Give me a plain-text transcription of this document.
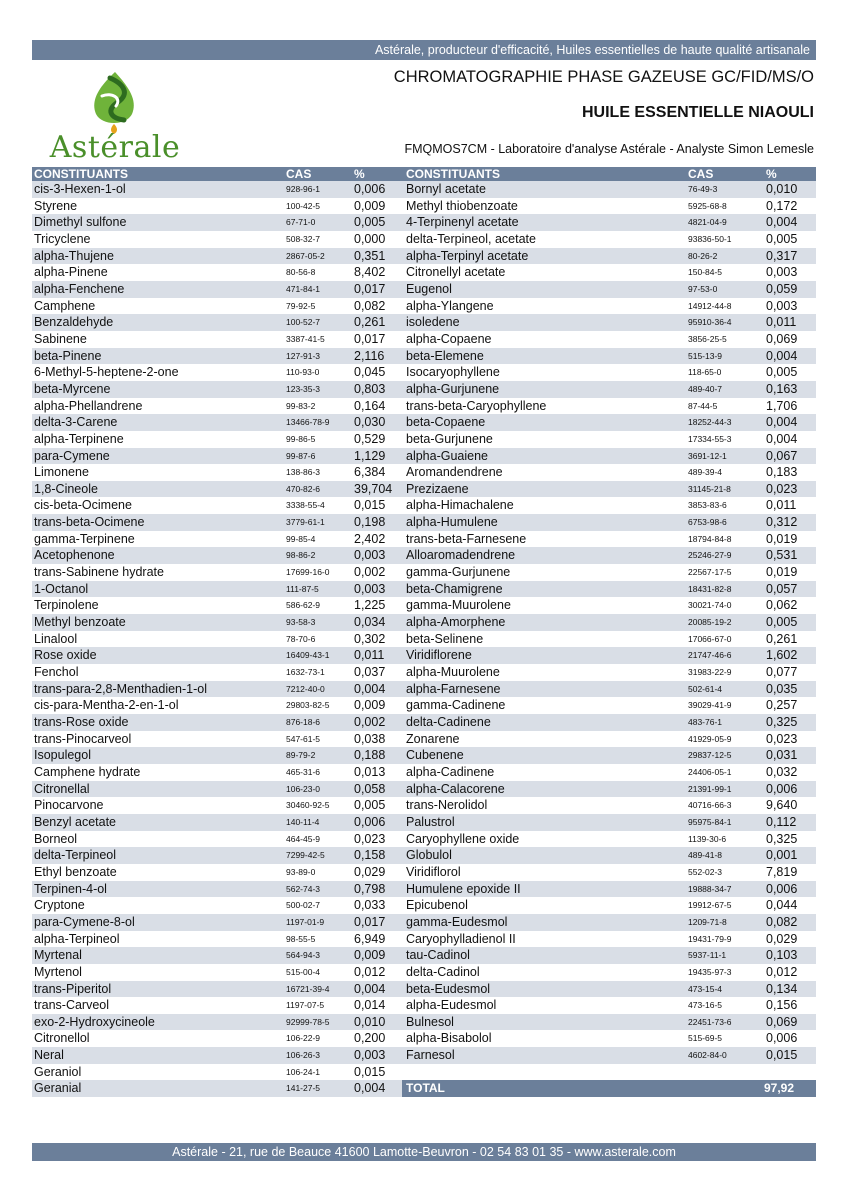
Astérale, producteur d'efficacité, Huiles essentielles de haute qualité artisanale
Astérale
CHROMATOGRAPHIE PHASE GAZEUSE GC/FID/MS/O
HUILE ESSENTIELLE NIAOULI
FMQMOS7CM - Laboratoire d'analyse Astérale - Analyste Simon Lemesle
CONSTITUANTS	CAS	%
cis-3-Hexen-1-ol	928-96-1	0,006
Styrene	100-42-5	0,009
Dimethyl sulfone	67-71-0	0,005
Tricyclene	508-32-7	0,000
alpha-Thujene	2867-05-2 0,351
alpha-Pinene	80-56-8	8,402
alpha-Fenchene	471-84-1	0,017
Camphene	79-92-5	0,082
Benzaldehyde	100-52-7	0,261
Sabinene	3387-41-5 0,017
beta-Pinene	127-91-3	2,116
6-Methyl-5-heptene-2-one	110-93-0	0,045
beta-Myrcene	123-35-3	0,803
alpha-Phellandrene	99-83-2	0,164
delta-3-Carene	13466-78-9 0,030
alpha-Terpinene	99-86-5	0,529
para-Cymene	99-87-6	1,129
Limonene	138-86-3	6,384
1,8-Cineole	470-82-6	39,704
cis-beta-Ocimene	3338-55-4 0,015
trans-beta-Ocimene	3779-61-1 0,198
gamma-Terpinene	99-85-4	2,402
Acetophenone	98-86-2	0,003
trans-Sabinene hydrate	17699-16-0 0,002
1-Octanol	111-87-5	0,003
Terpinolene	586-62-9	1,225
Methyl benzoate	93-58-3	0,034
Linalool	78-70-6	0,302
Rose oxide	16409-43-1 0,011
Fenchol	1632-73-1 0,037
trans-para-2,8-Menthadien-1-ol	7212-40-0 0,004
cis-para-Mentha-2-en-1-ol	29803-82-5 0,009
trans-Rose oxide	876-18-6	0,002
trans-Pinocarveol	547-61-5	0,038
Isopulegol	89-79-2	0,188
Camphene hydrate	465-31-6	0,013
Citronellal	106-23-0	0,058
Pinocarvone	30460-92-5 0,005
Benzyl acetate	140-11-4	0,006
Borneol	464-45-9	0,023
delta-Terpineol	7299-42-5 0,158
Ethyl benzoate	93-89-0	0,029
Terpinen-4-ol	562-74-3	0,798
Cryptone	500-02-7	0,033
para-Cymene-8-ol	1197-01-9 0,017
alpha-Terpineol	98-55-5	6,949
Myrtenal	564-94-3	0,009
Myrtenol	515-00-4	0,012
trans-Piperitol	16721-39-4 0,004
trans-Carveol	1197-07-5 0,014
exo-2-Hydroxycineole	92999-78-5 0,010
Citronellol	106-22-9	0,200
Neral	106-26-3	0,003
Geraniol	106-24-1	0,015
Geranial	141-27-5	0,004
CONSTITUANTS	CAS	%
Bornyl acetate	76-49-3	0,010
Methyl thiobenzoate	5925-68-8	0,172
4-Terpinenyl acetate	4821-04-9	0,004
delta-Terpineol, acetate	93836-50-1	0,005
alpha-Terpinyl acetate	80-26-2	0,317
Citronellyl acetate	150-84-5	0,003
Eugenol	97-53-0	0,059
alpha-Ylangene	14912-44-8	0,003
isoledene	95910-36-4	0,011
alpha-Copaene	3856-25-5	0,069
beta-Elemene	515-13-9	0,004
Isocaryophyllene	118-65-0	0,005
alpha-Gurjunene	489-40-7	0,163
trans-beta-Caryophyllene	87-44-5	1,706
beta-Copaene	18252-44-3	0,004
beta-Gurjunene	17334-55-3	0,004
alpha-Guaiene	3691-12-1	0,067
Aromandendrene	489-39-4	0,183
Prezizaene	31145-21-8	0,023
alpha-Himachalene	3853-83-6	0,011
alpha-Humulene	6753-98-6	0,312
trans-beta-Farnesene	18794-84-8	0,019
Alloaromadendrene	25246-27-9	0,531
gamma-Gurjunene	22567-17-5	0,019
beta-Chamigrene	18431-82-8	0,057
gamma-Muurolene	30021-74-0	0,062
alpha-Amorphene	20085-19-2	0,005
beta-Selinene	17066-67-0	0,261
Viridiflorene	21747-46-6	1,602
alpha-Muurolene	31983-22-9	0,077
alpha-Farnesene	502-61-4	0,035
gamma-Cadinene	39029-41-9	0,257
delta-Cadinene	483-76-1	0,325
Zonarene	41929-05-9	0,023
Cubenene	29837-12-5	0,031
alpha-Cadinene	24406-05-1	0,032
alpha-Calacorene	21391-99-1	0,006
trans-Nerolidol	40716-66-3	9,640
Palustrol	95975-84-1	0,112
Caryophyllene oxide	1139-30-6	0,325
Globulol	489-41-8	0,001
Viridiflorol	552-02-3	7,819
Humulene epoxide II	19888-34-7	0,006
Epicubenol	19912-67-5	0,044
gamma-Eudesmol	1209-71-8	0,082
Caryophylladienol II	19431-79-9	0,029
tau-Cadinol	5937-11-1	0,103
delta-Cadinol	19435-97-3	0,012
beta-Eudesmol	473-15-4	0,134
alpha-Eudesmol	473-16-5	0,156
Bulnesol	22451-73-6	0,069
alpha-Bisabolol	515-69-5	0,006
Farnesol	4602-84-0	0,015
TOTAL	97,92
Astérale - 21, rue de Beauce 41600 Lamotte-Beuvron - 02 54 83 01 35 - www.asterale.com
